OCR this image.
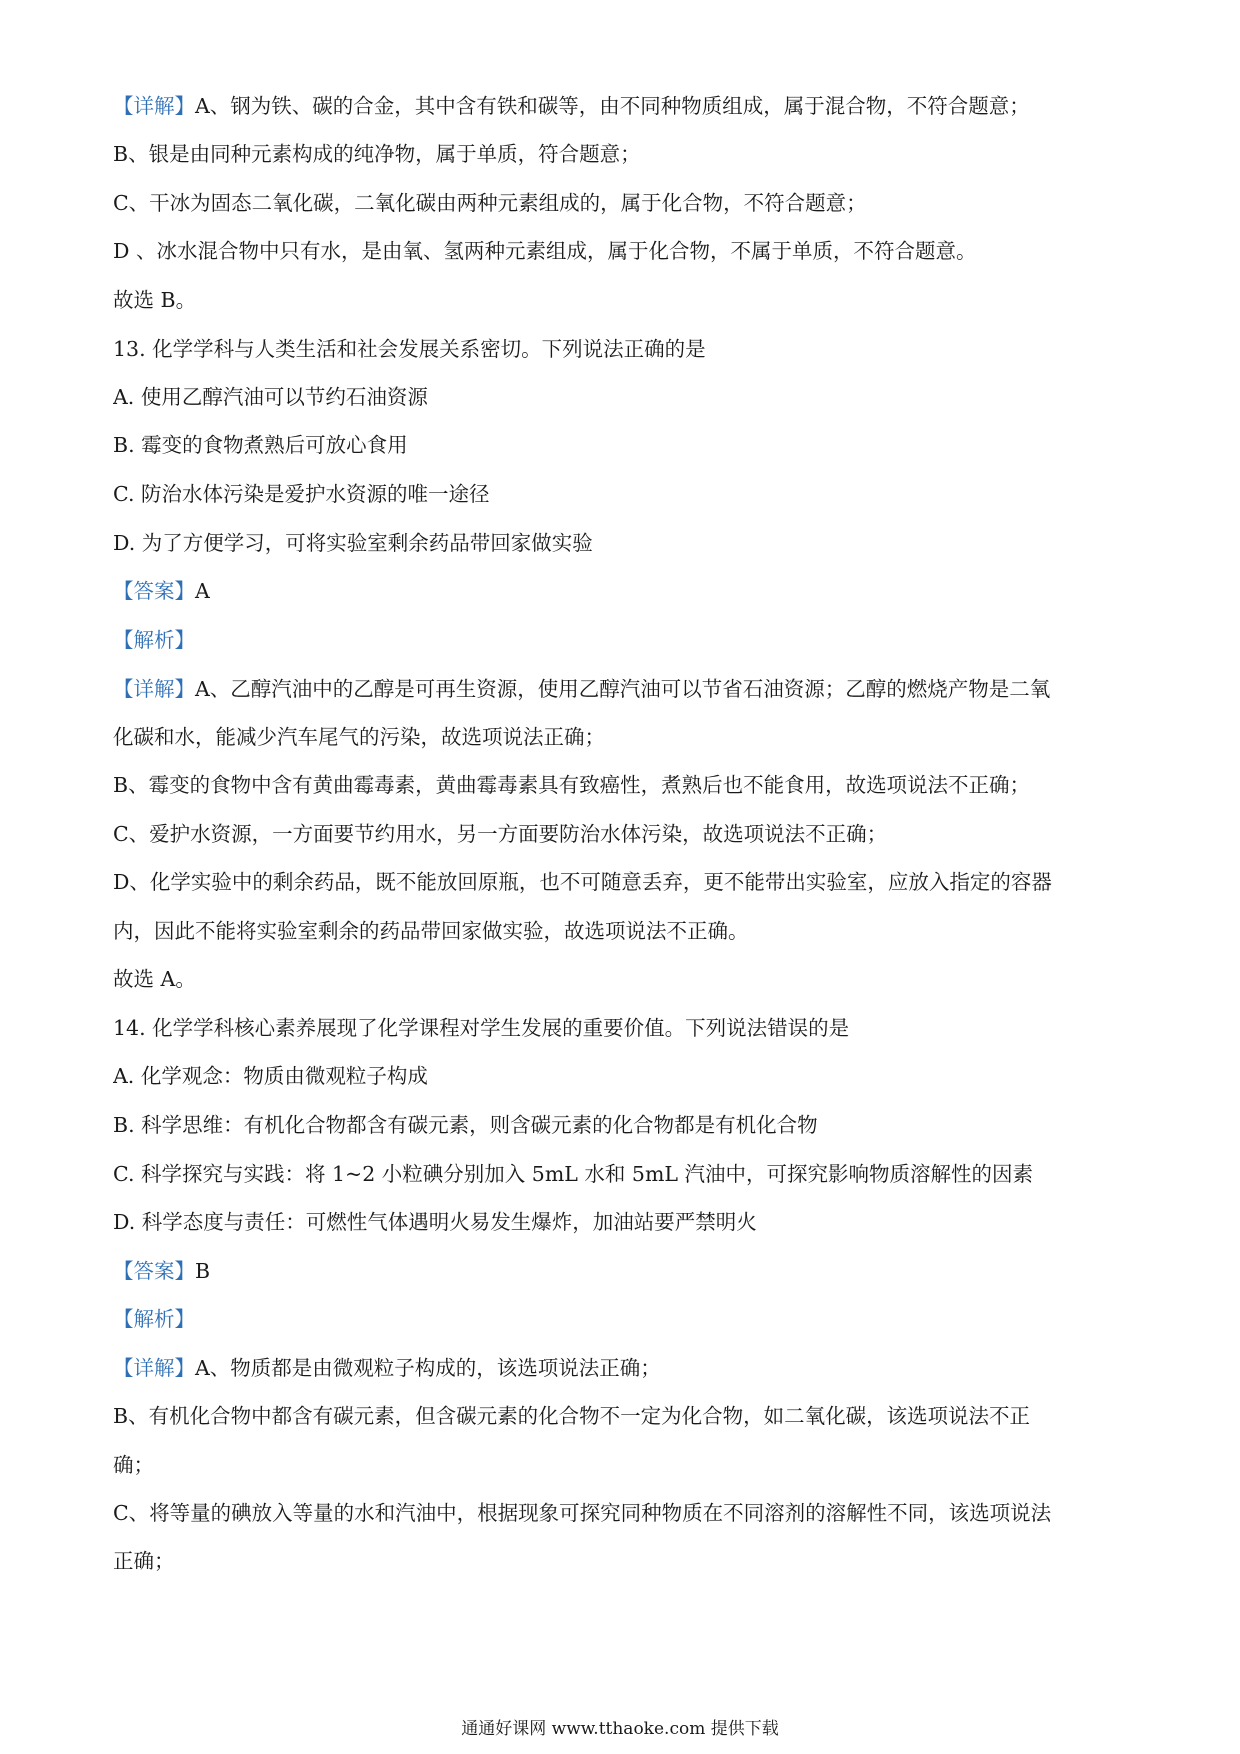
通通好课网 www.tthaoke.com 提供下载
【详解】A、钢为铁、碳的合金，其中含有铁和碳等，由不同种物质组成，属于混合物，不符合题意；
B、银是由同种元素构成的纯净物，属于单质，符合题意；
C、干冰为固态二氧化碳，二氧化碳由两种元素组成的，属于化合物，不符合题意；
D 、冰水混合物中只有水，是由氧、氢两种元素组成，属于化合物，不属于单质，不符合题意。
故选 B。
13. 化学学科与人类生活和社会发展关系密切。下列说法正确的是
A. 使用乙醇汽油可以节约石油资源
B. 霉变的食物煮熟后可放心食用
C. 防治水体污染是爱护水资源的唯一途径
D. 为了方便学习，可将实验室剩余药品带回家做实验
【答案】A
【解析】
【详解】A、乙醇汽油中的乙醇是可再生资源，使用乙醇汽油可以节省石油资源；乙醇的燃烧产物是二氧
化碳和水，能减少汽车尾气的污染，故选项说法正确；
B、霉变的食物中含有黄曲霉毒素，黄曲霉毒素具有致癌性，煮熟后也不能食用，故选项说法不正确；
C、爱护水资源，一方面要节约用水，另一方面要防治水体污染，故选项说法不正确；
D、化学实验中的剩余药品，既不能放回原瓶，也不可随意丢弃，更不能带出实验室，应放入指定的容器
内，因此不能将实验室剩余的药品带回家做实验，故选项说法不正确。
故选 A。
14. 化学学科核心素养展现了化学课程对学生发展的重要价值。下列说法错误的是
A. 化学观念：物质由微观粒子构成
B. 科学思维：有机化合物都含有碳元素，则含碳元素的化合物都是有机化合物
C. 科学探究与实践：将 1~2 小粒碘分别加入 5mL 水和 5mL 汽油中，可探究影响物质溶解性的因素
D. 科学态度与责任：可燃性气体遇明火易发生爆炸，加油站要严禁明火
【答案】B
【解析】
【详解】A、物质都是由微观粒子构成的，该选项说法正确；
B、有机化合物中都含有碳元素，但含碳元素的化合物不一定为化合物，如二氧化碳，该选项说法不正
确；
C、将等量的碘放入等量的水和汽油中，根据现象可探究同种物质在不同溶剂的溶解性不同，该选项说法
正确；
